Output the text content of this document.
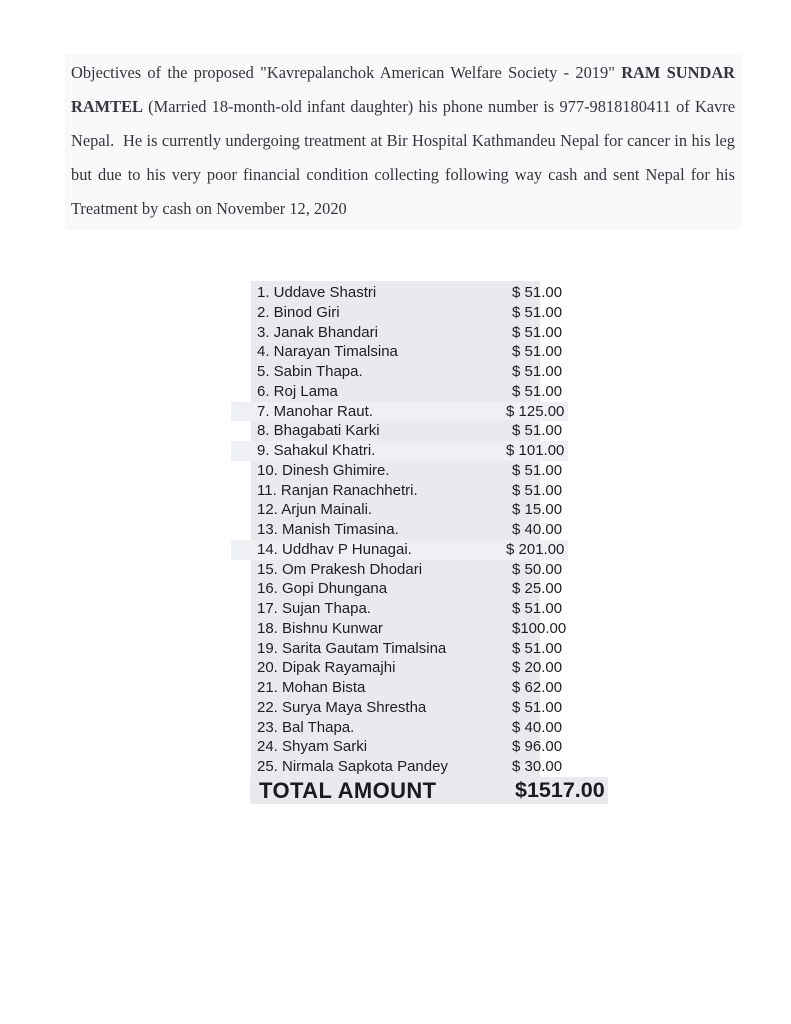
Objectives of the proposed "Kavrepalanchok American Welfare Society - 2019" RAM SUNDAR RAMTEL (Married 18-month-old infant daughter) his phone number is 977-9818180411 of Kavre Nepal.  He is currently undergoing treatment at Bir Hospital Kathmandeu Nepal for cancer in his leg but due to his very poor financial condition collecting following way cash and sent Nepal for his Treatment by cash on November 12, 2020

1. Uddave Shastri	$ 51.00
2. Binod Giri	$ 51.00
3. Janak Bhandari	$ 51.00
4. Narayan Timalsina	$ 51.00
5. Sabin Thapa.	$ 51.00
6. Roj Lama	$ 51.00
7. Manohar Raut.	$ 125.00
8. Bhagabati Karki	$ 51.00
9. Sahakul Khatri.	$ 101.00
10. Dinesh Ghimire.	$ 51.00
11. Ranjan Ranachhetri.	$ 51.00
12. Arjun Mainali.	$ 15.00
13. Manish Timasina.	$ 40.00
14. Uddhav P Hunagai.	$ 201.00
15. Om Prakesh Dhodari	$ 50.00
16. Gopi Dhungana	$ 25.00
17. Sujan Thapa.	$ 51.00
18. Bishnu Kunwar	$100.00
19. Sarita Gautam Timalsina	$ 51.00
20. Dipak Rayamajhi	$ 20.00
21. Mohan Bista	$ 62.00
22. Surya Maya Shrestha	$ 51.00
23. Bal Thapa.	$ 40.00
24. Shyam Sarki	$ 96.00
25. Nirmala Sapkota Pandey	$ 30.00
TOTAL AMOUNT	$1517.00
